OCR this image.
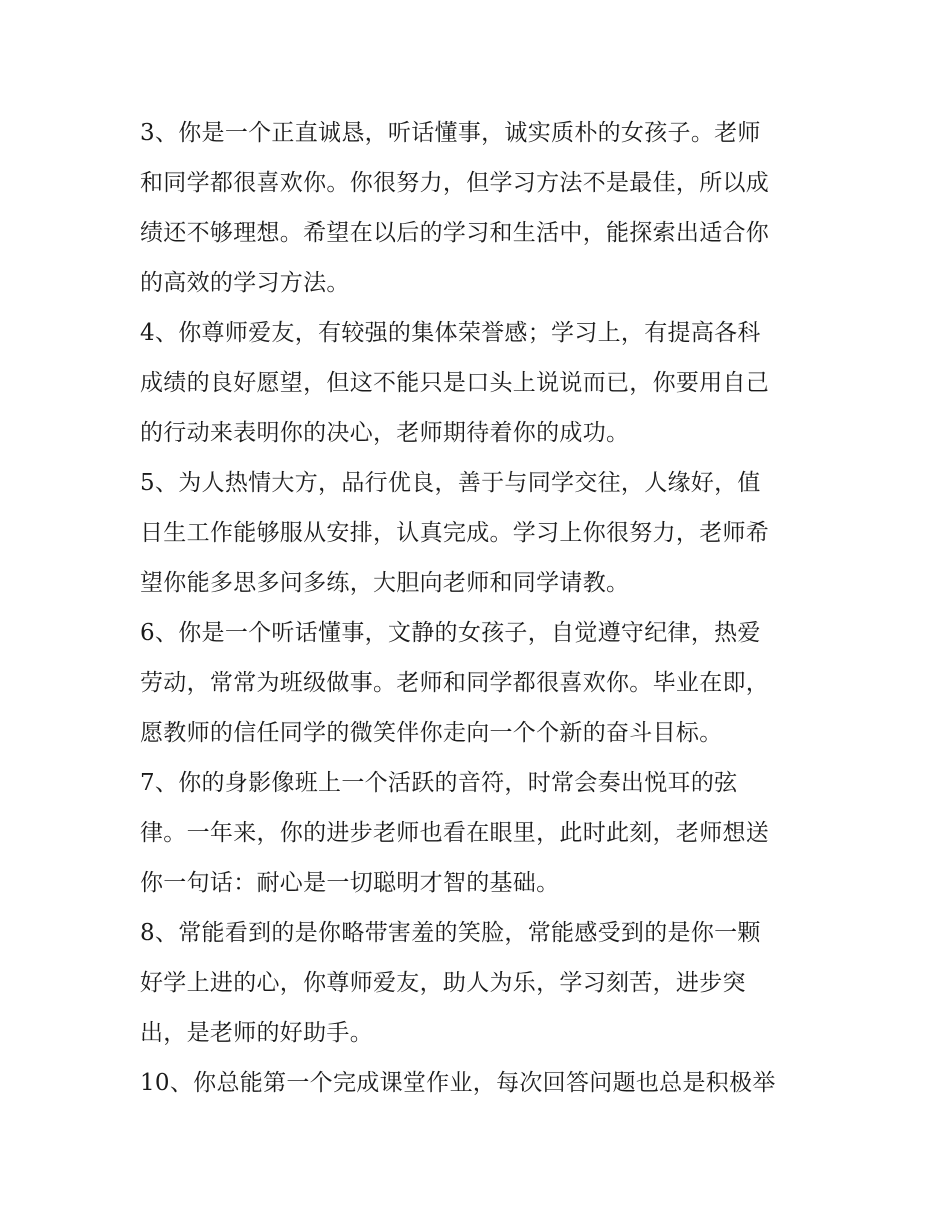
3、你是一个正直诚恳，听话懂事，诚实质朴的女孩子。老师
和同学都很喜欢你。你很努力，但学习方法不是最佳，所以成
绩还不够理想。希望在以后的学习和生活中，能探索出适合你
的高效的学习方法。
4、你尊师爱友，有较强的集体荣誉感；学习上，有提高各科
成绩的良好愿望，但这不能只是口头上说说而已，你要用自己
的行动来表明你的决心，老师期待着你的成功。
5、为人热情大方，品行优良，善于与同学交往，人缘好，值
日生工作能够服从安排，认真完成。学习上你很努力，老师希
望你能多思多问多练，大胆向老师和同学请教。
6、你是一个听话懂事，文静的女孩子，自觉遵守纪律，热爱
劳动，常常为班级做事。老师和同学都很喜欢你。毕业在即，
愿教师的信任同学的微笑伴你走向一个个新的奋斗目标。
7、你的身影像班上一个活跃的音符，时常会奏出悦耳的弦
律。一年来，你的进步老师也看在眼里，此时此刻，老师想送
你一句话：耐心是一切聪明才智的基础。
8、常能看到的是你略带害羞的笑脸，常能感受到的是你一颗
好学上进的心，你尊师爱友，助人为乐，学习刻苦，进步突
出，是老师的好助手。
10、你总能第一个完成课堂作业，每次回答问题也总是积极举
